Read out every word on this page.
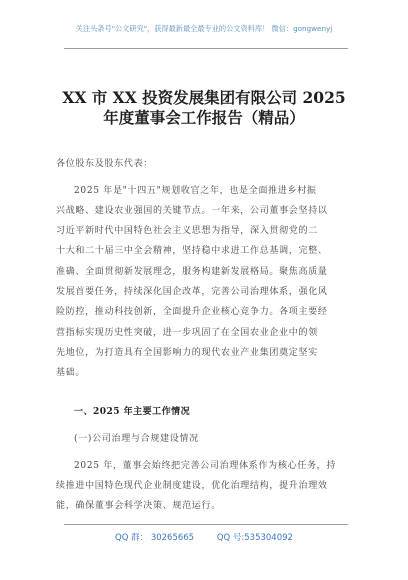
关注头条号"公文研究"，获得最新最全最专业的公文资料库！ 微信：gongwenyj
XX 市 XX 投资发展集团有限公司 2025
年度董事会工作报告（精品）
各位股东及股东代表：
2025 年是"十四五"规划收官之年，也是全面推进乡村振
兴战略、建设农业强国的关键节点。一年来，公司董事会坚持以
习近平新时代中国特色社会主义思想为指导，深入贯彻党的二
十大和二十届三中全会精神，坚持稳中求进工作总基调，完整、
准确、全面贯彻新发展理念，服务构建新发展格局。聚焦高质量
发展首要任务，持续深化国企改革，完善公司治理体系，强化风
险防控，推动科技创新，全面提升企业核心竞争力。各项主要经
营指标实现历史性突破，进一步巩固了在全国农业企业中的领
先地位，为打造具有全国影响力的现代农业产业集团奠定坚实
基础。
一、2025 年主要工作情况
(一)公司治理与合规建设情况
2025 年，董事会始终把完善公司治理体系作为核心任务，持
续推进中国特色现代企业制度建设，优化治理结构，提升治理效
能，确保董事会科学决策、规范运行。
QQ 群： 30265665	QQ 号:535304092
